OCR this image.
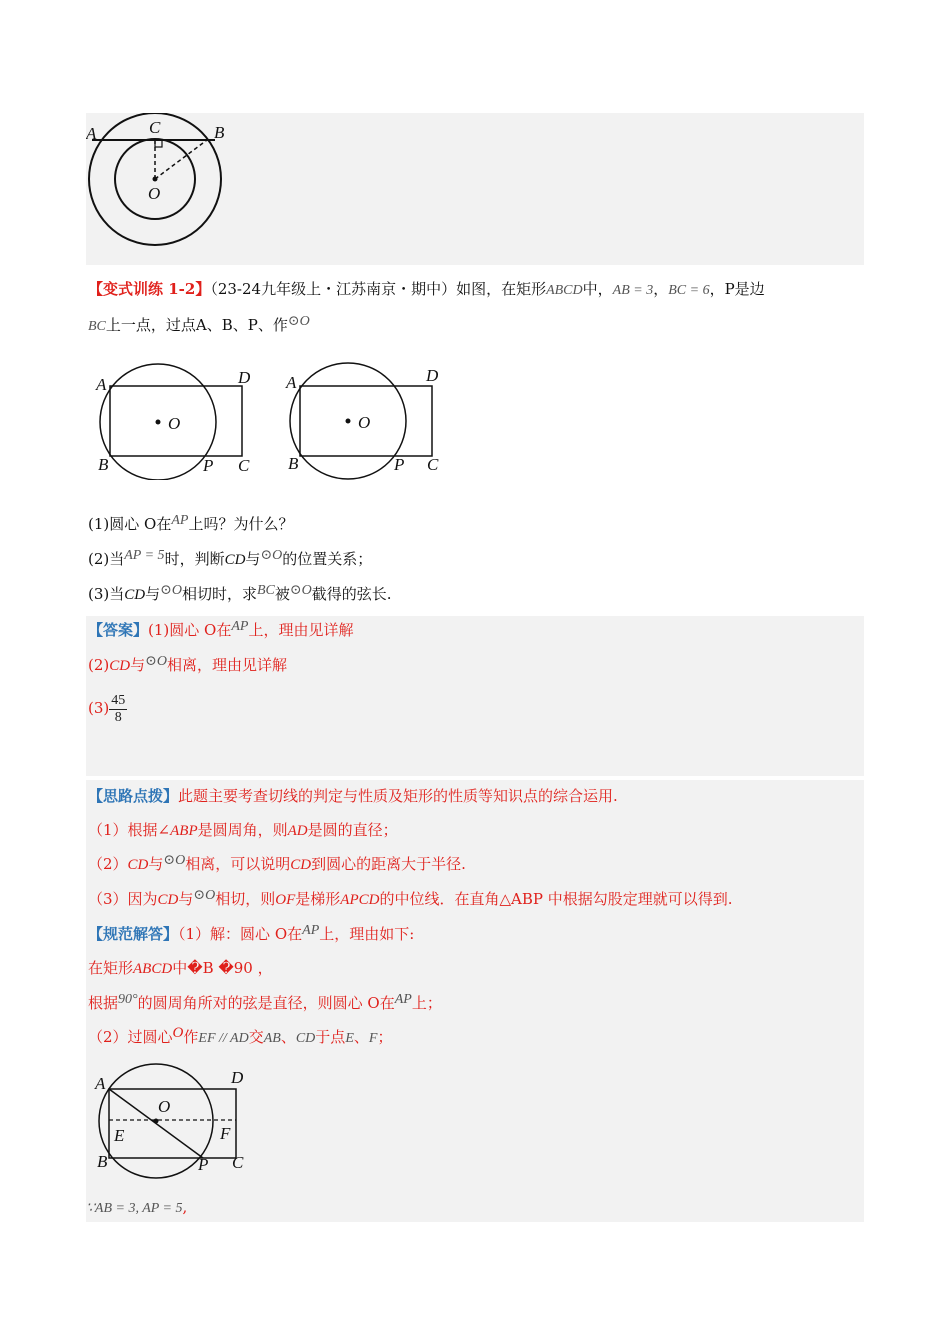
A	C	B
O
【变式训练 1-2】（23-24九年级上・江苏南京・期中）如图，在矩形ABCD中，AB = 3，BC = 6，P是边
BC上一点，过点A、B、P、作⊙O
A	D
O
B	P C
A	D
O
B	P C
(1)圆心 O在AP上吗？为什么？
(2)当AP = 5时，判断CD与⊙O的位置关系；
(3)当CD与⊙O相切时，求BC被⊙O截得的弦长.
【答案】(1)圆心 O在AP上，理由见详解
(2)CD与⊙O相离，理由见详解
$(3) \frac{45}{8}$
【思路点拨】此题主要考查切线的判定与性质及矩形的性质等知识点的综合运用.
（1）根据∠ABP是圆周角，则AD是圆的直径；
（2）CD与⊙O相离，可以说明CD到圆心的距离大于半径.
（3）因为CD与⊙O相切，则OF是梯形APCD的中位线．在直角△ABP 中根据勾股定理就可以得到.
【规范解答】（1）解：圆心 O在AP上，理由如下:
在矩形ABCD中�B �90 ，
根据90°的圆周角所对的弦是直径，则圆心 O在AP上；
（2）过圆心O作EF // AD交AB、CD于点E、F；
A	D
O
E	F
B	P C
∵AB = 3, AP = 5,
